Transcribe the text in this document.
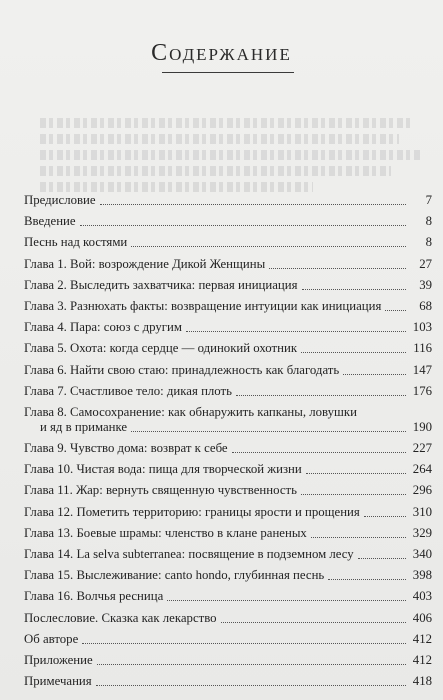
Содержание
Предисловие	7
Введение	8
Песнь над костями	8
Глава 1. Вой: возрождение Дикой Женщины	27
Глава 2. Выследить захватчика: первая инициация	39
Глава 3. Разнюхать факты: возвращение интуиции как инициация	68
Глава 4. Пара: союз с другим	103
Глава 5. Охота: когда сердце — одинокий охотник	116
Глава 6. Найти свою стаю: принадлежность как благодать	147
Глава 7. Счастливое тело: дикая плоть	176
Глава 8. Самосохранение: как обнаружить капканы, ловушки
и яд в приманке	190
Глава 9. Чувство дома: возврат к себе	227
Глава 10. Чистая вода: пища для творческой жизни	264
Глава 11. Жар: вернуть священную чувственность	296
Глава 12. Пометить территорию: границы ярости и прощения	310
Глава 13. Боевые шрамы: членство в клане раненых	329
Глава 14. La selva subterranea: посвящение в подземном лесу	340
Глава 15. Выслеживание: canto hondo, глубинная песнь	398
Глава 16. Волчья ресница	403
Послесловие. Сказка как лекарство	406
Об авторе	412
Приложение	412
Примечания	418
